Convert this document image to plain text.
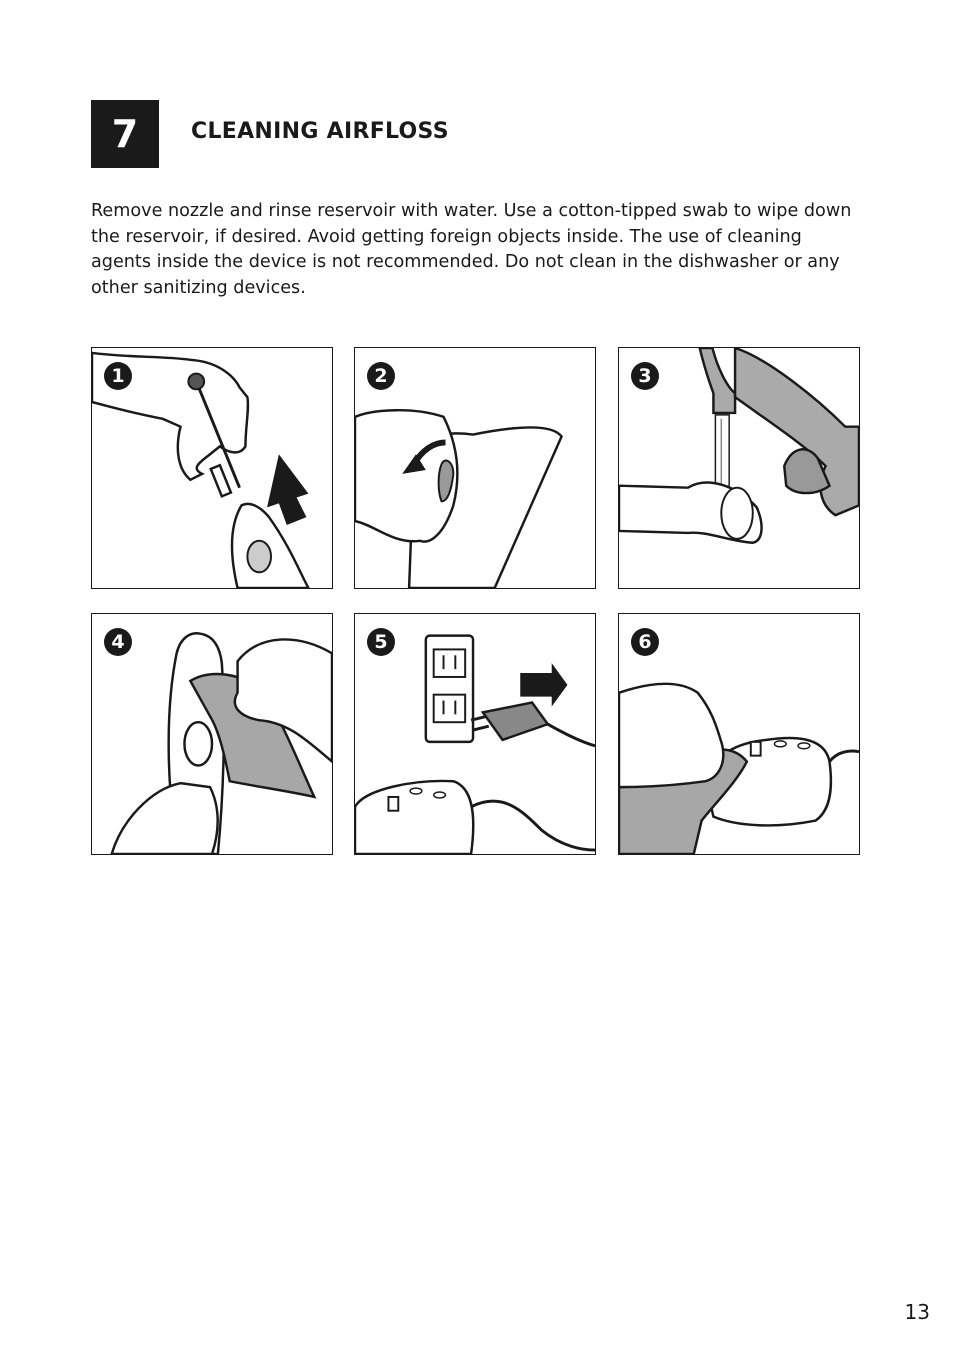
7	CLEANING AIRFLOSS

Remove nozzle and rinse reservoir with water. Use a cotton-tipped swab to wipe down the reservoir, if desired. Avoid getting foreign objects inside. The use of cleaning agents inside the device is not recommended. Do not clean in the dishwasher or any other sanitizing devices.

1	2	3
4	5	6
13
